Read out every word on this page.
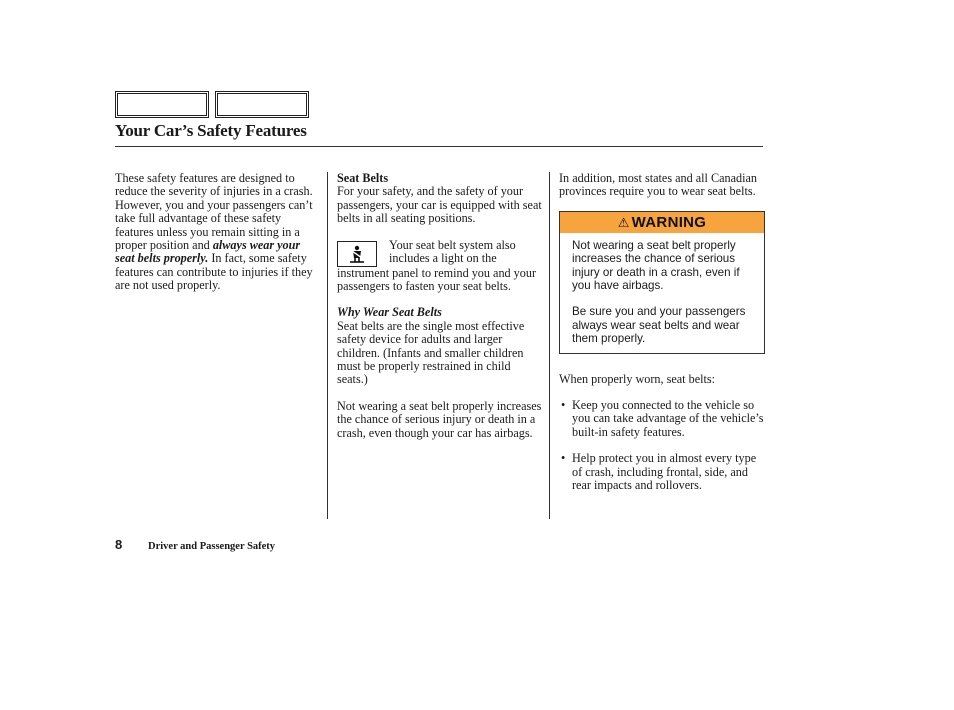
Your Car’s Safety Features

These safety features are designed to reduce the severity of injuries in a crash. However, you and your passengers can’t take full advantage of these safety features unless you remain sitting in a proper position and always wear your seat belts properly. In fact, some safety features can contribute to injuries if they are not used properly.

Seat Belts

For your safety, and the safety of your passengers, your car is equipped with seat belts in all seating positions.

Your seat belt system also includes a light on the

instrument panel to remind you and your passengers to fasten your seat belts.

Why Wear Seat Belts

Seat belts are the single most effective safety device for adults and larger children. (Infants and smaller children must be properly restrained in child seats.)

Not wearing a seat belt properly increases the chance of serious injury or death in a crash, even though your car has airbags.

In addition, most states and all Canadian provinces require you to wear seat belts.

⚠ WARNING

Not wearing a seat belt properly increases the chance of serious injury or death in a crash, even if you have airbags.

Be sure you and your passengers always wear seat belts and wear them properly.

When properly worn, seat belts:

• Keep you connected to the vehicle so you can take advantage of the vehicle’s built-in safety features.
• Help protect you in almost every type of crash, including frontal, side, and rear impacts and rollovers.
8 Driver and Passenger Safety
